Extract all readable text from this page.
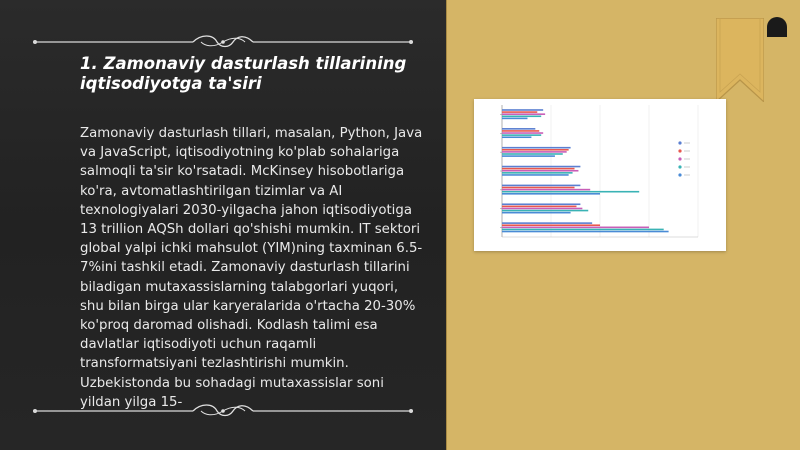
1. Zamonaviy dasturlash tillarining iqtisodiyotga ta'siri
Zamonaviy dasturlash tillari, masalan, Python, Java va JavaScript, iqtisodiyotning ko'plab sohalariga salmoqli ta'sir ko'rsatadi. McKinsey hisobotlariga ko'ra, avtomatlashtirilgan tizimlar va AI texnologiyalari 2030-yilgacha jahon iqtisodiyotiga 13 trillion AQSh dollari qo'shishi mumkin. IT sektori global yalpi ichki mahsulot (YIM)ning taxminan 6.5-7%ini tashkil etadi. Zamonaviy dasturlash tillarini biladigan mutaxassislarning talabgorlari yuqori, shu bilan birga ular karyeralarida o'rtacha 20-30% ko'proq daromad olishadi. Kodlash talimi esa davlatlar iqtisodiyoti uchun raqamli transformatsiyani tezlashtirishi mumkin. Uzbekistonda bu sohadagi mutaxassislar soni yildan yilga 15-
